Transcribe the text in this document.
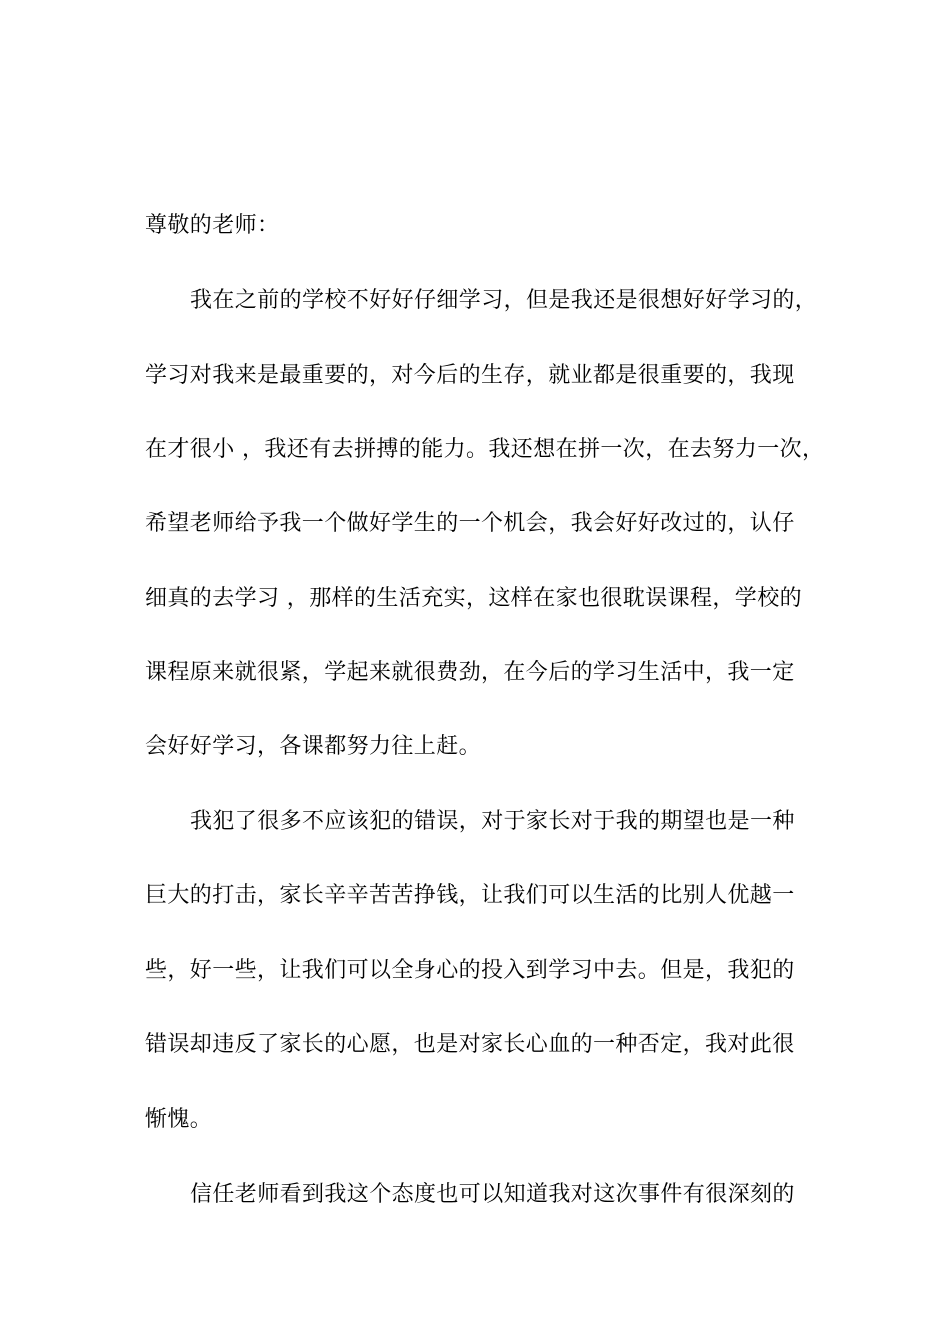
尊敬的老师：
我在之前的学校不好好仔细学习，但是我还是很想好好学习的，
学习对我来是最重要的，对今后的生存，就业都是很重要的，我现
在才很小 ，我还有去拼搏的能力。我还想在拼一次，在去努力一次，
希望老师给予我一个做好学生的一个机会，我会好好改过的，认仔
细真的去学习 ，那样的生活充实，这样在家也很耽误课程，学校的
课程原来就很紧，学起来就很费劲，在今后的学习生活中，我一定
会好好学习，各课都努力往上赶。
我犯了很多不应该犯的错误，对于家长对于我的期望也是一种
巨大的打击，家长辛辛苦苦挣钱，让我们可以生活的比别人优越一
些，好一些，让我们可以全身心的投入到学习中去。但是，我犯的
错误却违反了家长的心愿，也是对家长心血的一种否定，我对此很
惭愧。
信任老师看到我这个态度也可以知道我对这次事件有很深刻的
